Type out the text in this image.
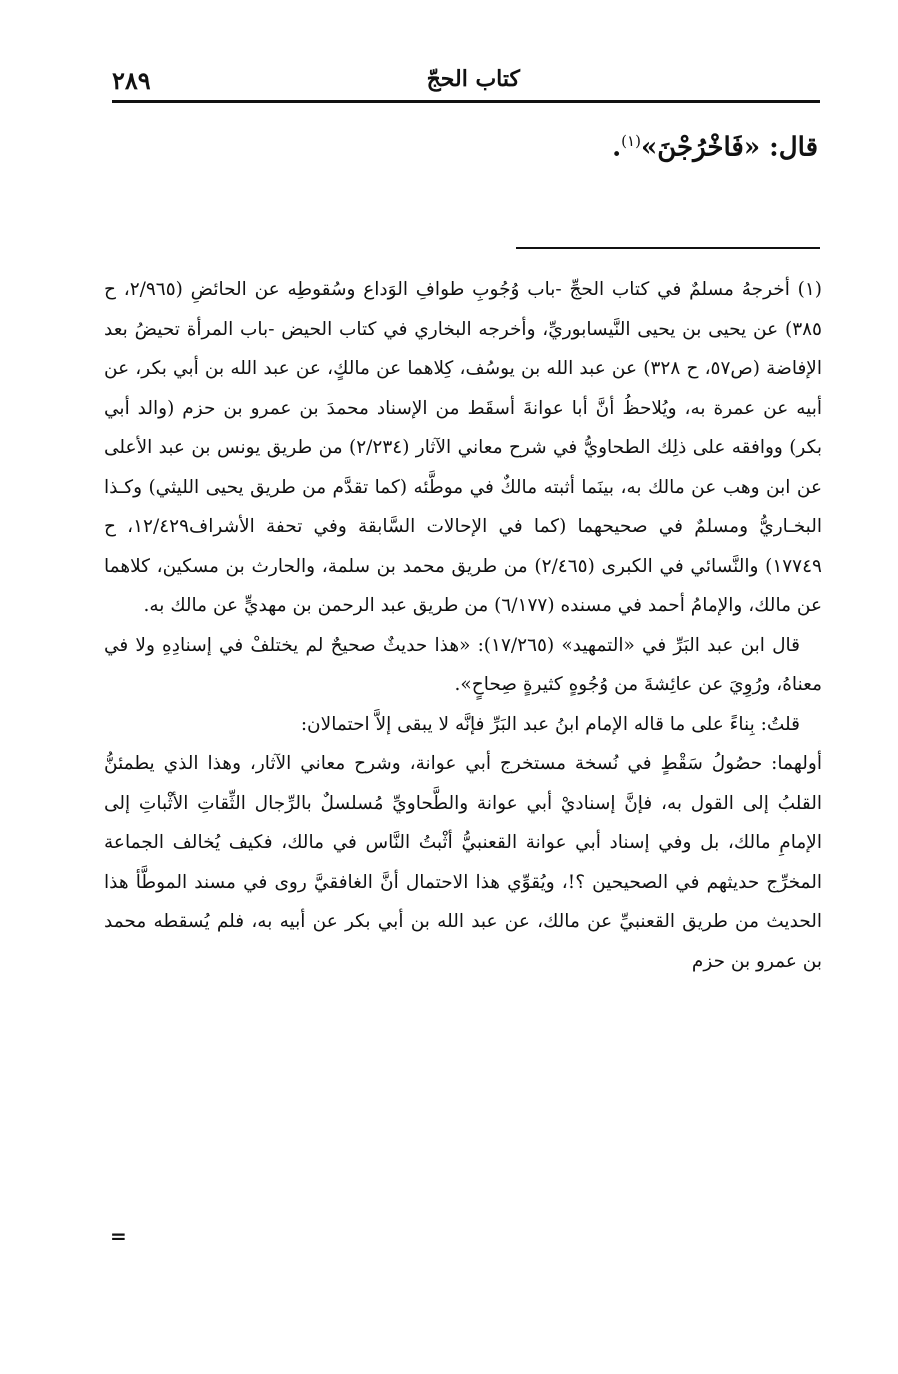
كتاب الحجّ
٢٨٩
قال: «فَاخْرُجْنَ»$^{(١)}$.

(١) أخرجهُ مسلمٌ في كتاب الحجِّ -باب وُجُوبِ طوافِ الوَداع وسُقوطِه عن الحائضِ (٢/٩٦٥، ح ٣٨٥) عن يحيى بن يحيى النَّيسابوريِّ، وأخرجه البخاري في كتاب الحيض -باب المرأة تحيضُ بعد الإفاضة (ص٥٧، ح ٣٢٨) عن عبد الله بن يوسُف، كِلاهما عن مالكٍ، عن عبد الله بن أبي بكر، عن أبيه عن عمرة به، ويُلاحظُ أنَّ أبا عوانةَ أسقَط من الإسناد محمدَ بن عمرو بن حزم (والد أبي بكر) ووافقه على ذلِك الطحاويُّ في شرح معاني الآثار (٢/٢٣٤) من طريق يونس بن عبد الأعلى عن ابن وهب عن مالك به، بينَما أثبته مالكٌ في موطَّئه (كما تقدَّم من طريق يحيى الليثي) وكـذا البخـاريُّ ومسلمٌ في صحيحهما (كما في الإحالات السَّابقة وفي تحفة الأشراف١٢/٤٢٩، ح ١٧٧٤٩) والنَّسائي في الكبرى (٢/٤٦٥) من طريق محمد بن سلمة، والحارث بن مسكين، كلاهما عن مالك، والإمامُ أحمد في مسنده (٦/١٧٧) من طريق عبد الرحمن بن مهديٍّ عن مالك به.

قال ابن عبد البَرِّ في «التمهيد» (١٧/٢٦٥): «هذا حديثٌ صحيحٌ لم يختلفْ في إسنادِهِ ولا في معناهُ، ورُوِيَ عن عائِشةَ من وُجُوهٍ كثيرةٍ صِحاحٍ».

قلتُ: بِناءً على ما قاله الإمام ابنُ عبد البَرِّ فإنَّه لا يبقى إلاَّ احتمالان:

أولهما: حصُولُ سَقْطٍ في نُسخة مستخرج أبي عوانة، وشرح معاني الآثار، وهذا الذي يطمئنُّ القلبُ إلى القول به، فإنَّ إسناديْ أبي عوانة والطَّحاويِّ مُسلسلٌ بالرِّجال الثِّقاتِ الأثْباتِ إلى الإمامِ مالك، بل وفي إسناد أبي عوانة القعنبيُّ أثْبتُ النَّاس في مالك، فكيف يُخالف الجماعة المخرِّج حديثهم في الصحيحين ؟!، ويُقوِّي هذا الاحتمال أنَّ الغافقيَّ روى في مسند الموطَّأ هذا الحديث من طريق القعنبيِّ عن مالك، عن عبد الله بن أبي بكر عن أبيه به، فلم يُسقطه محمد بن عمرو بن حزم

=
